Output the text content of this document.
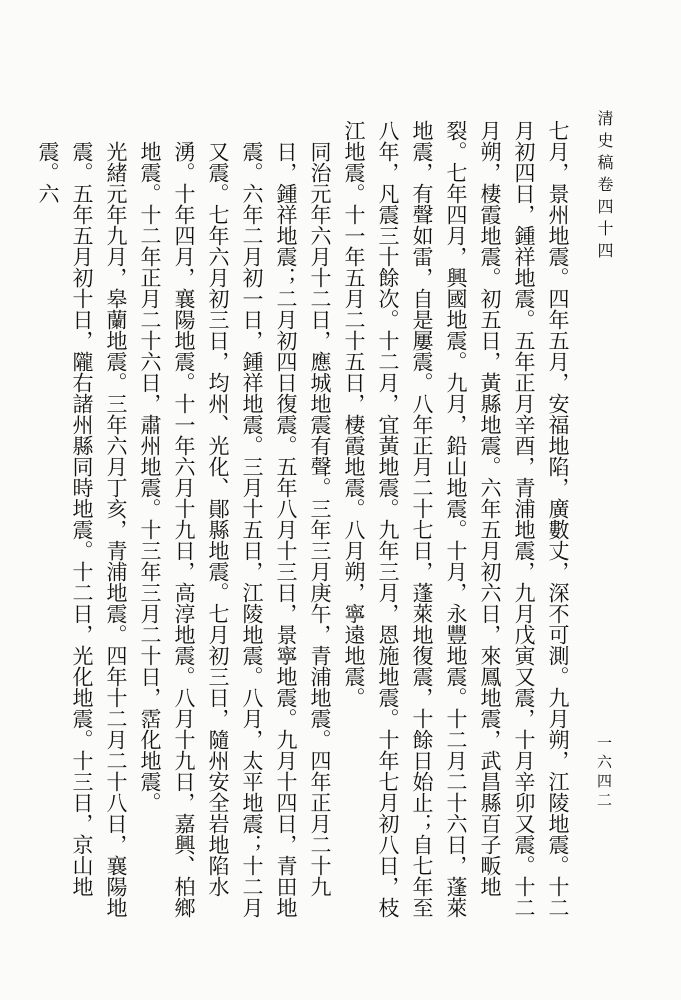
清史稿卷四十四
一六四二

七月，景州地震。四年五月，安福地陷，廣數丈，深不可測。九月朔，江陵地震。十二月初四日，鍾祥地震。五年正月辛酉，青浦地震，九月戊寅又震，十月辛卯又震。十二月朔，棲霞地震。初五日，黃縣地震。六年五月初六日，來鳳地震，武昌縣百子畈地裂。七年四月，興國地震。九月，鉛山地震。十月，永豐地震。十二月二十六日，蓬萊地震，有聲如雷，自是屢震。八年正月二十七日，蓬萊地復震，十餘日始止；自七年至八年，凡震三十餘次。十二月，宜黃地震。九年三月，恩施地震。十年七月初八日，枝江地震。十一年五月二十五日，棲霞地震。八月朔，寧遠地震。

同治元年六月十二日，應城地震有聲。三年三月庚午，青浦地震。四年正月二十九日，鍾祥地震；二月初四日復震。五年八月十三日，景寧地震。九月十四日，青田地震。六年二月初一日，鍾祥地震。三月十五日，江陵地震。八月，太平地震；十二月又震。七年六月初三日，均州、光化、鄖縣地震。七月初三日，隨州安全岩地陷水湧。十年四月，襄陽地震。十一年六月十九日，高淳地震。八月十九日，嘉興、柏鄉地震。十二年正月二十六日，肅州地震。十三年三月二十日，霑化地震。

光緒元年九月，皋蘭地震。三年六月丁亥，青浦地震。四年十二月二十八日，襄陽地震。五年五月初十日，隴右諸州縣同時地震。十二日，光化地震。十三日，京山地震。六
